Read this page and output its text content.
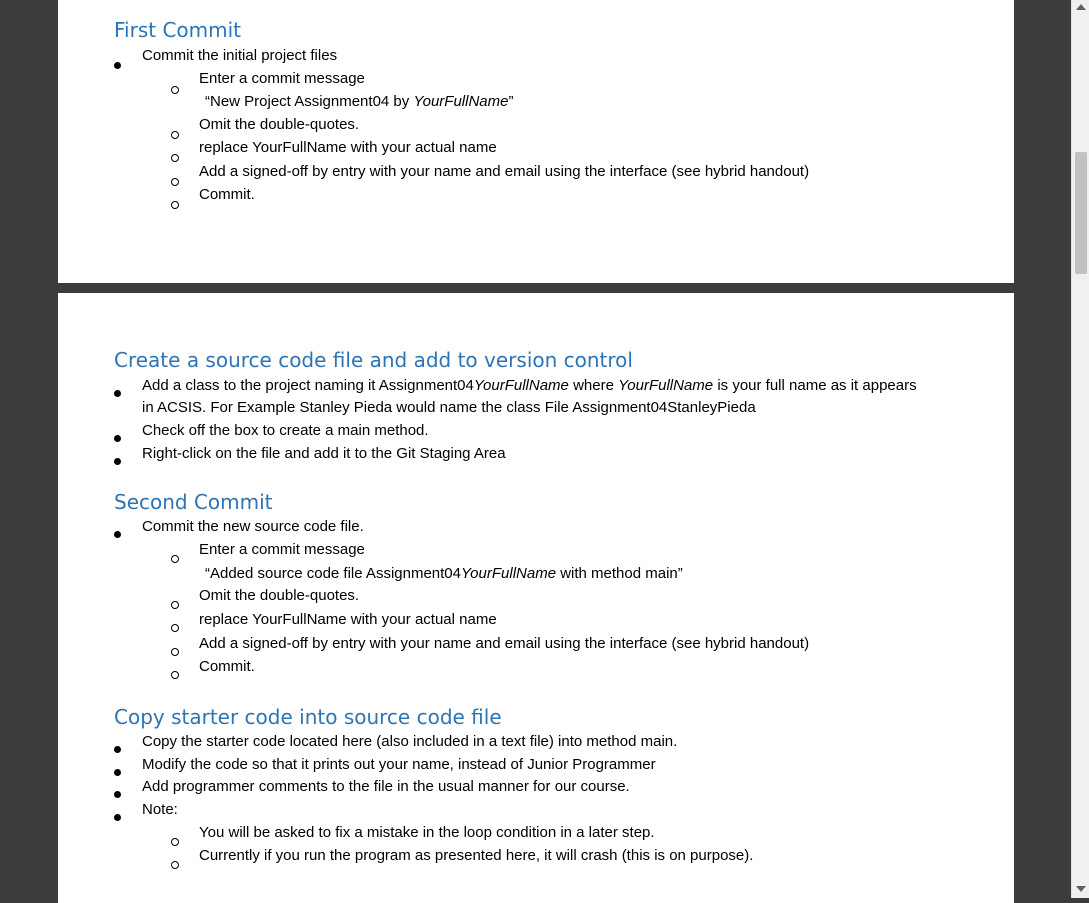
First Commit
Commit the initial project files
Enter a commit message
“New Project Assignment04 by YourFullName”
Omit the double-quotes.
replace YourFullName with your actual name
Add a signed-off by entry with your name and email using the interface (see hybrid handout)
Commit.
Create a source code file and add to version control
Add a class to the project naming it Assignment04YourFullName where YourFullName is your full name as it appears
in ACSIS. For Example Stanley Pieda would name the class File Assignment04StanleyPieda
Check off the box to create a main method.
Right-click on the file and add it to the Git Staging Area
Second Commit
Commit the new source code file.
Enter a commit message
“Added source code file Assignment04YourFullName with method main”
Omit the double-quotes.
replace YourFullName with your actual name
Add a signed-off by entry with your name and email using the interface (see hybrid handout)
Commit.
Copy starter code into source code file
Copy the starter code located here (also included in a text file) into method main.
Modify the code so that it prints out your name, instead of Junior Programmer
Add programmer comments to the file in the usual manner for our course.
Note:
You will be asked to fix a mistake in the loop condition in a later step.
Currently if you run the program as presented here, it will crash (this is on purpose).
